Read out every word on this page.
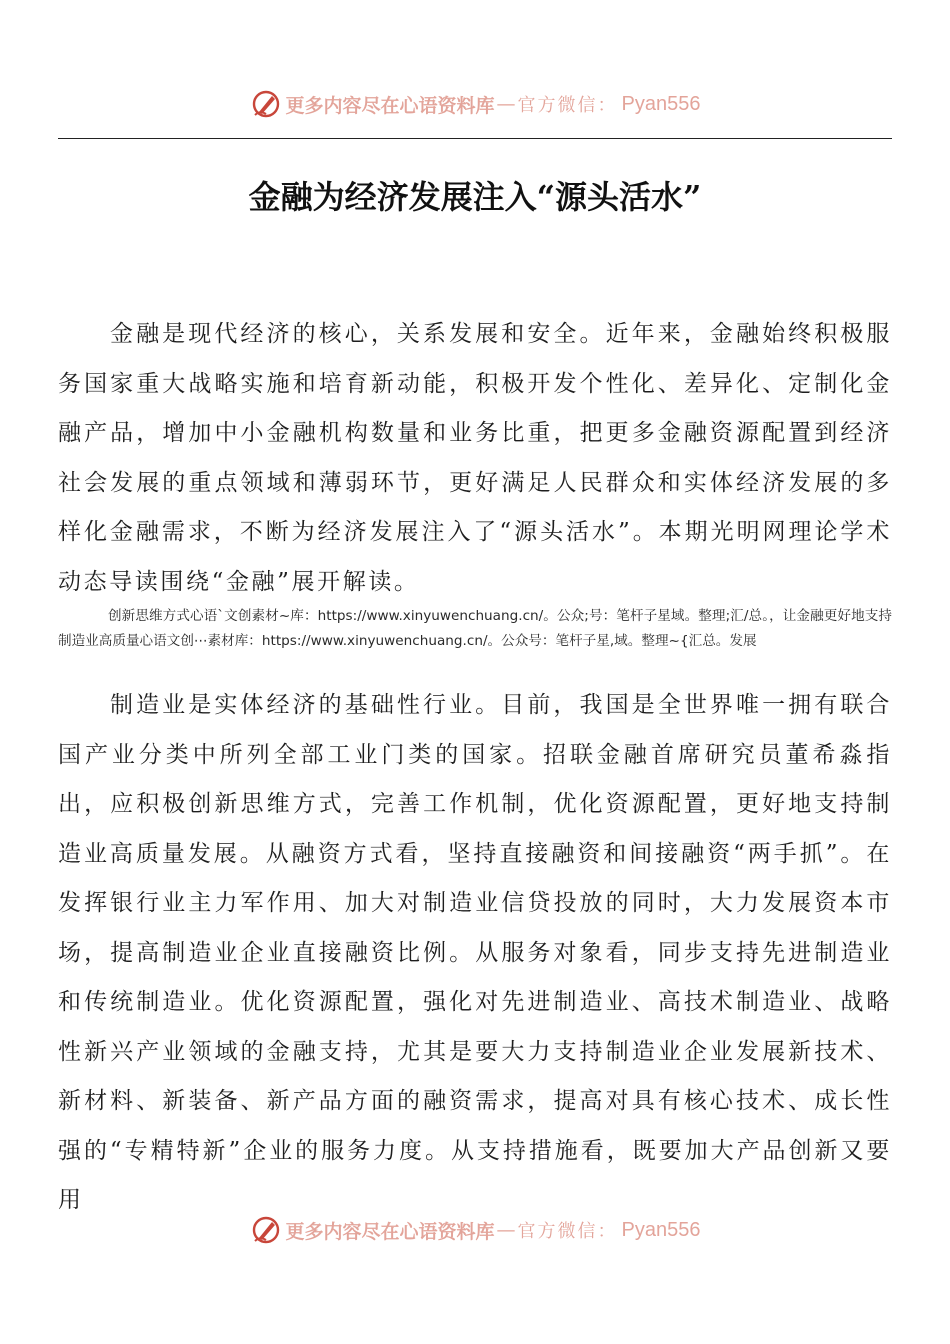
更多内容尽在心语资料库 — 官方微信： Pyan556
金融为经济发展注入“源头活水”
金融是现代经济的核心，关系发展和安全。近年来，金融始终积极服务国家重大战略实施和培育新动能，积极开发个性化、差异化、定制化金融产品，增加中小金融机构数量和业务比重，把更多金融资源配置到经济社会发展的重点领域和薄弱环节，更好满足人民群众和实体经济发展的多样化金融需求，不断为经济发展注入了“源头活水”。本期光明网理论学术动态导读围绕“金融”展开解读。
创新思维方式心语`文创素材~库：https://www.xinyuwenchuang.cn/。公众;号：笔杆子星域。整理;汇/总。，让金融更好地支持制造业高质量心语文创⋯素材库：https://www.xinyuwenchuang.cn/。公众号：笔杆子星,域。整理~{汇总。发展
制造业是实体经济的基础性行业。目前，我国是全世界唯一拥有联合国产业分类中所列全部工业门类的国家。招联金融首席研究员董希淼指出，应积极创新思维方式，完善工作机制，优化资源配置，更好地支持制造业高质量发展。从融资方式看，坚持直接融资和间接融资“两手抓”。在发挥银行业主力军作用、加大对制造业信贷投放的同时，大力发展资本市场，提高制造业企业直接融资比例。从服务对象看，同步支持先进制造业和传统制造业。优化资源配置，强化对先进制造业、高技术制造业、战略性新兴产业领域的金融支持，尤其是要大力支持制造业企业发展新技术、新材料、新装备、新产品方面的融资需求，提高对具有核心技术、成长性强的“专精特新”企业的服务力度。从支持措施看，既要加大产品创新又要用
更多内容尽在心语资料库 — 官方微信： Pyan556
